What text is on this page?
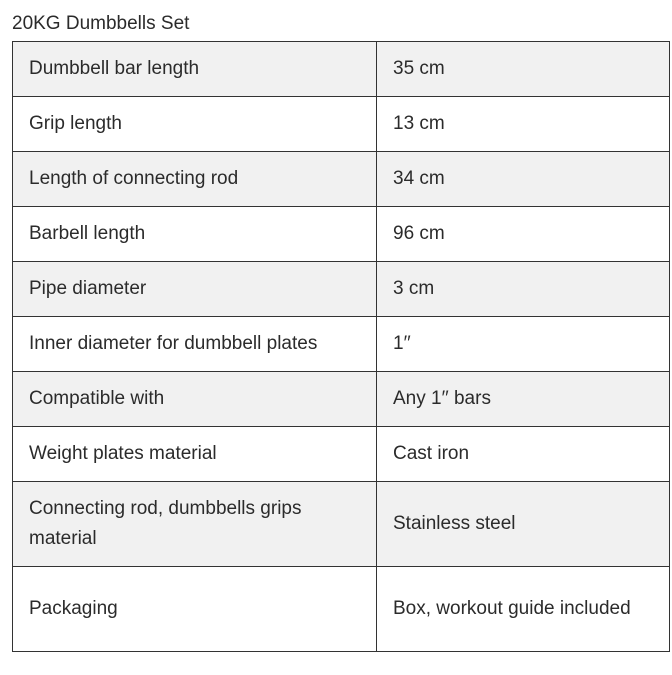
20KG Dumbbells Set
Dumbbell bar length	35 cm
Grip length	13 cm
Length of connecting rod	34 cm
Barbell length	96 cm
Pipe diameter	3 cm
Inner diameter for dumbbell plates	1′′
Compatible with	Any 1′′ bars
Weight plates material	Cast iron
Connecting rod, dumbbells grips material	Stainless steel
Packaging	Box, workout guide included
